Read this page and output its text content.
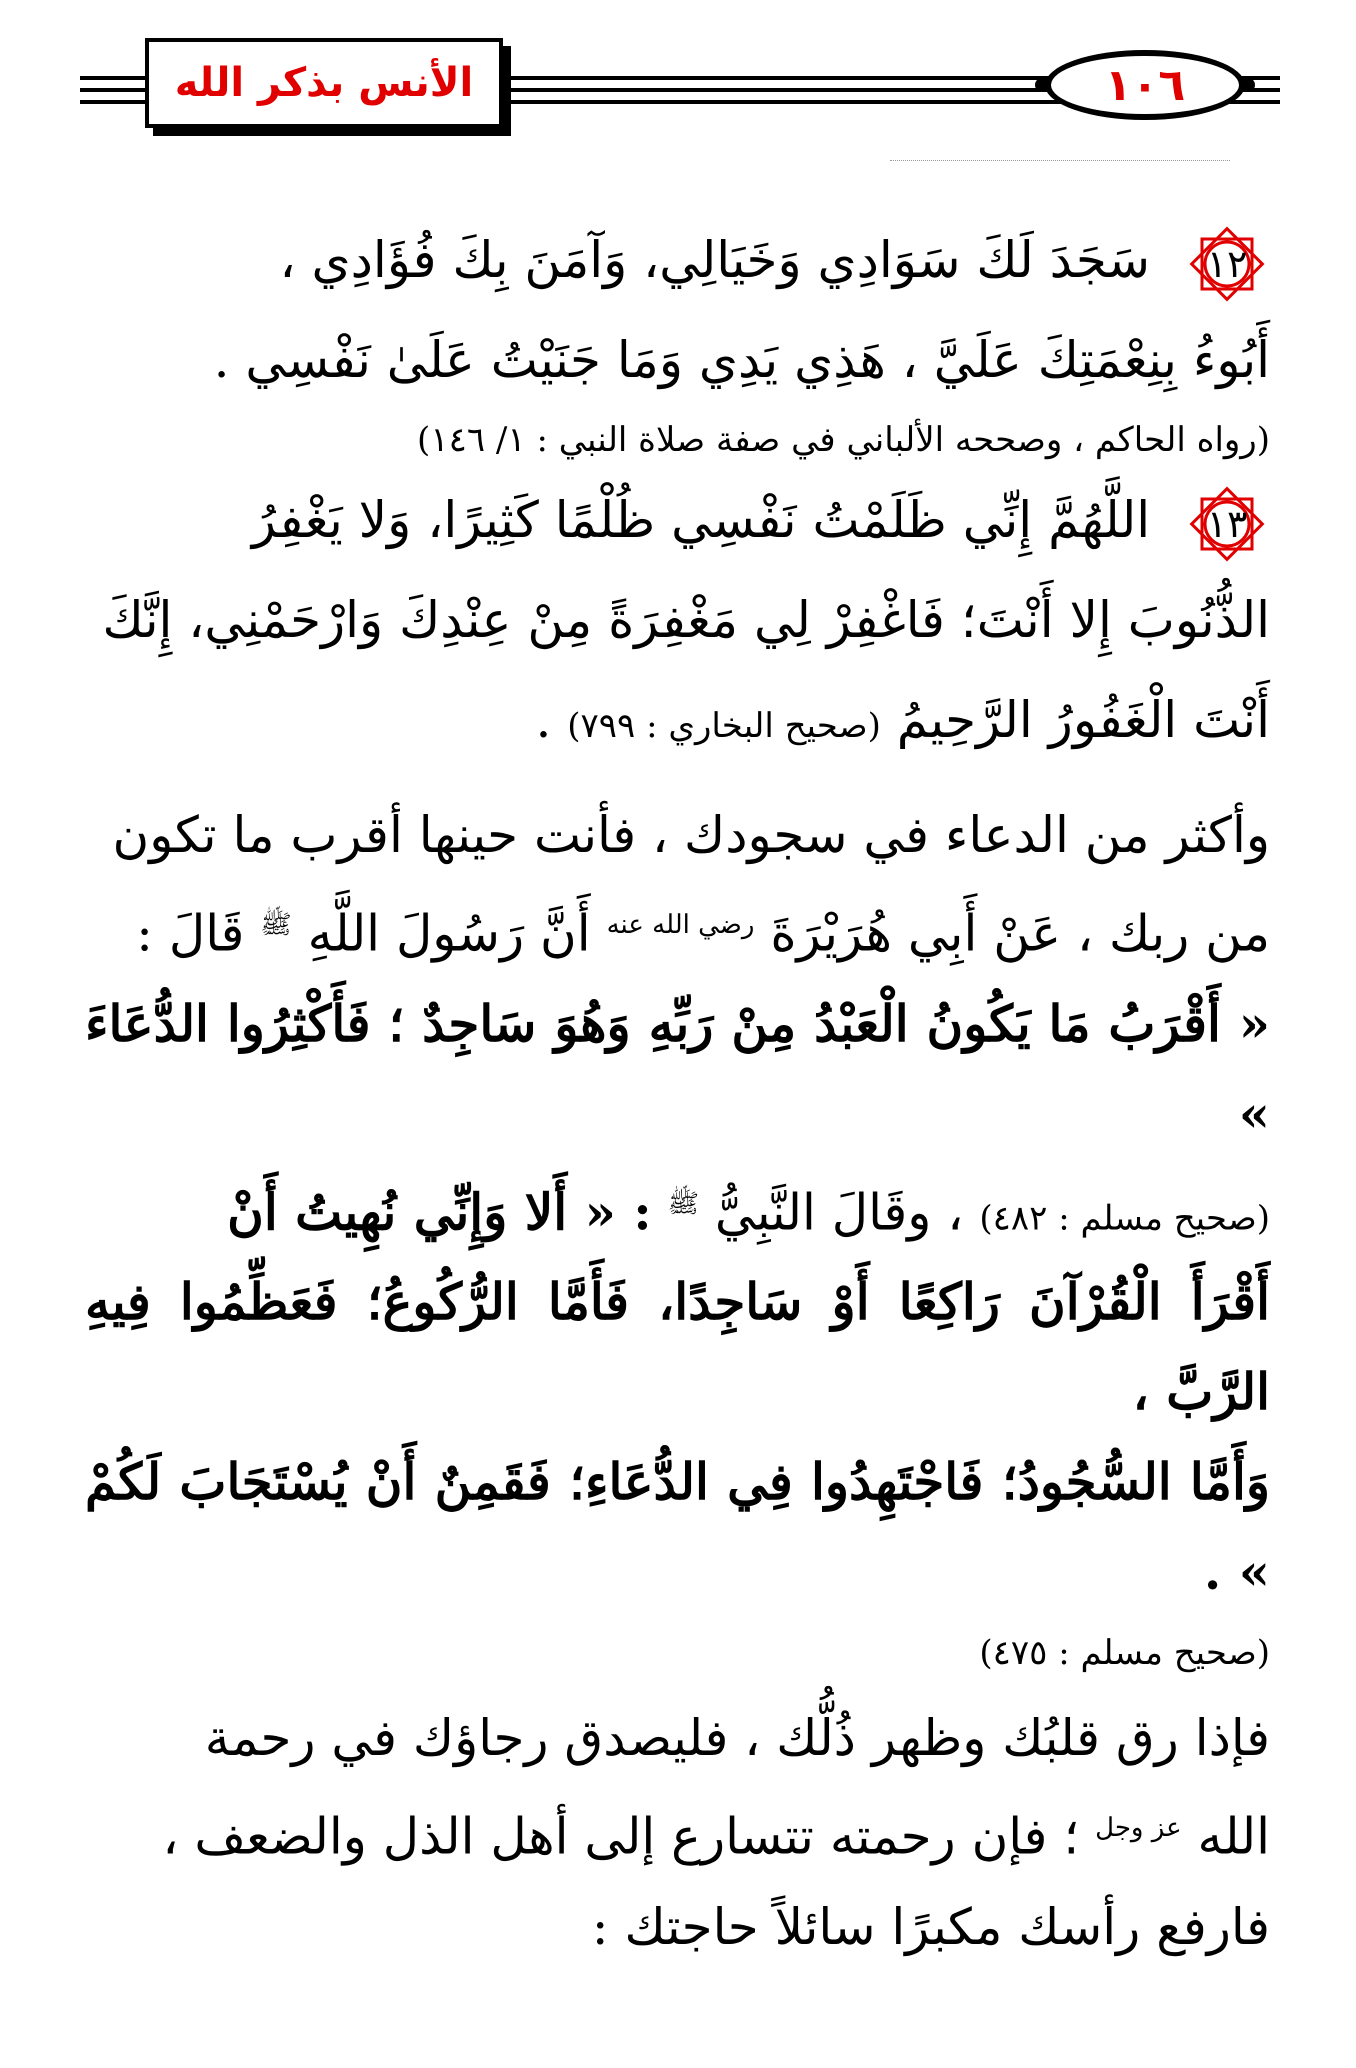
الأنس بذكر الله	١٠٦

١٢
سَجَدَ لَكَ سَوَادِي وَخَيَالِي، وَآمَنَ بِكَ فُؤَادِي ،

أَبُوءُ بِنِعْمَتِكَ عَلَيَّ ، هَذِي يَدِي وَمَا جَنَيْتُ عَلَىٰ نَفْسِي .

(رواه الحاكم ، وصححه الألباني في صفة صلاة النبي : ١/ ١٤٦)

١٣
اللَّهُمَّ إِنِّي ظَلَمْتُ نَفْسِي ظُلْمًا كَثِيرًا، وَلا يَغْفِرُ

الذُّنُوبَ إِلا أَنْتَ؛ فَاغْفِرْ لِي مَغْفِرَةً مِنْ عِنْدِكَ وَارْحَمْنِي، إِنَّكَ

أَنْتَ الْغَفُورُ الرَّحِيمُ (صحيح البخاري : ٧٩٩) .

وأكثر من الدعاء في سجودك ، فأنت حينها أقرب ما تكون

من ربك ، عَنْ أَبِي هُرَيْرَةَ $^{رضي الله عنه}$ أَنَّ رَسُولَ اللَّهِ $^ﷺ$ قَالَ :

« أَقْرَبُ مَا يَكُونُ الْعَبْدُ مِنْ رَبِّهِ وَهُوَ سَاجِدٌ ؛ فَأَكْثِرُوا الدُّعَاءَ »

(صحيح مسلم : ٤٨٢) ، وقَالَ النَّبِيُّ $^ﷺ$ : « أَلا وَإِنِّي نُهِيتُ أَنْ

أَقْرَأَ الْقُرْآنَ رَاكِعًا أَوْ سَاجِدًا، فَأَمَّا الرُّكُوعُ؛ فَعَظِّمُوا فِيهِ الرَّبَّ ،

وَأَمَّا السُّجُودُ؛ فَاجْتَهِدُوا فِي الدُّعَاءِ؛ فَقَمِنٌ أَنْ يُسْتَجَابَ لَكُمْ » .

(صحيح مسلم : ٤٧٥)

فإذا رق قلبُك وظهر ذُلُّك ، فليصدق رجاؤك في رحمة

الله $^{عز وجل}$ ؛ فإن رحمته تتسارع إلى أهل الذل والضعف ،

فارفع رأسك مكبرًا سائلاً حاجتك :
